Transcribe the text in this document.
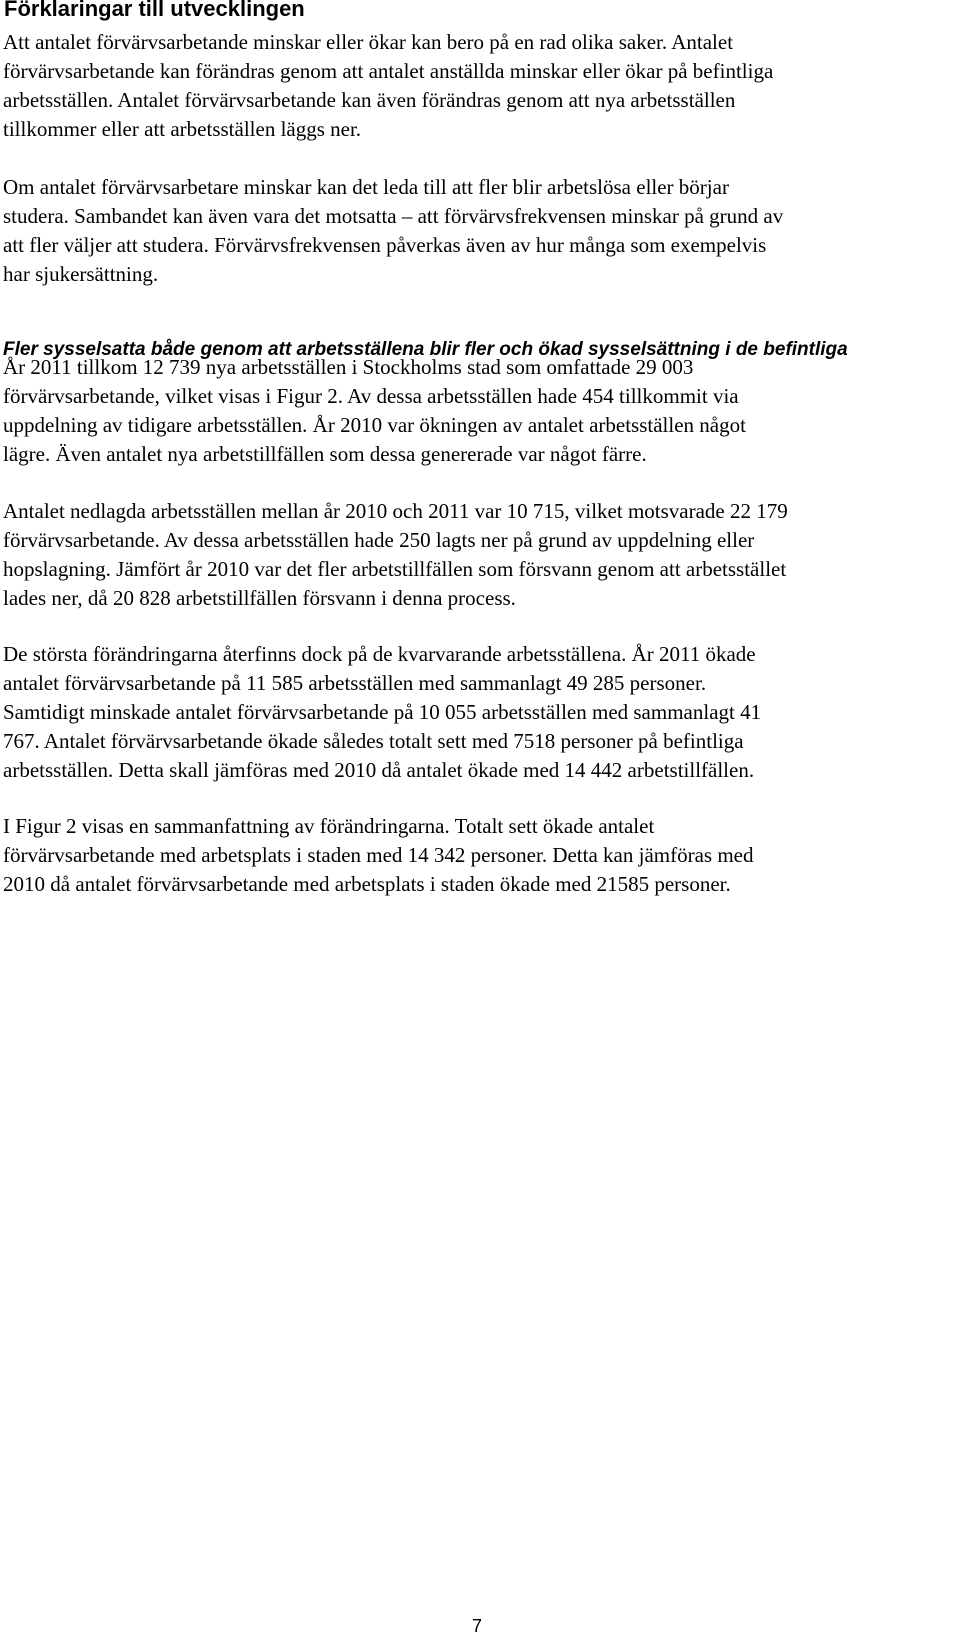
Förklaringar till utvecklingen

Att antalet förvärvsarbetande minskar eller ökar kan bero på en rad olika saker. Antalet
förvärvsarbetande kan förändras genom att antalet anställda minskar eller ökar på befintliga
arbetsställen. Antalet förvärvsarbetande kan även förändras genom att nya arbetsställen
tillkommer eller att arbetsställen läggs ner.

Om antalet förvärvsarbetare minskar kan det leda till att fler blir arbetslösa eller börjar
studera. Sambandet kan även vara det motsatta – att förvärvsfrekvensen minskar på grund av
att fler väljer att studera. Förvärvsfrekvensen påverkas även av hur många som exempelvis
har sjukersättning.

Fler sysselsatta både genom att arbetsställena blir fler och ökad sysselsättning i de befintliga

År 2011 tillkom 12 739 nya arbetsställen i Stockholms stad som omfattade 29 003
förvärvsarbetande, vilket visas i Figur 2. Av dessa arbetsställen hade 454 tillkommit via
uppdelning av tidigare arbetsställen. År 2010 var ökningen av antalet arbetsställen något
lägre. Även antalet nya arbetstillfällen som dessa genererade var något färre.

Antalet nedlagda arbetsställen mellan år 2010 och 2011 var 10 715, vilket motsvarade 22 179
förvärvsarbetande. Av dessa arbetsställen hade 250 lagts ner på grund av uppdelning eller
hopslagning. Jämfört år 2010 var det fler arbetstillfällen som försvann genom att arbetsstället
lades ner, då 20 828 arbetstillfällen försvann i denna process.

De största förändringarna återfinns dock på de kvarvarande arbetsställena. År 2011 ökade
antalet förvärvsarbetande på 11 585 arbetsställen med sammanlagt 49 285 personer.
Samtidigt minskade antalet förvärvsarbetande på 10 055 arbetsställen med sammanlagt 41
767. Antalet förvärvsarbetande ökade således totalt sett med 7518 personer på befintliga
arbetsställen. Detta skall jämföras med 2010 då antalet ökade med 14 442 arbetstillfällen.

I Figur 2 visas en sammanfattning av förändringarna. Totalt sett ökade antalet
förvärvsarbetande med arbetsplats i staden med 14 342 personer. Detta kan jämföras med
2010 då antalet förvärvsarbetande med arbetsplats i staden ökade med 21585 personer.

7
